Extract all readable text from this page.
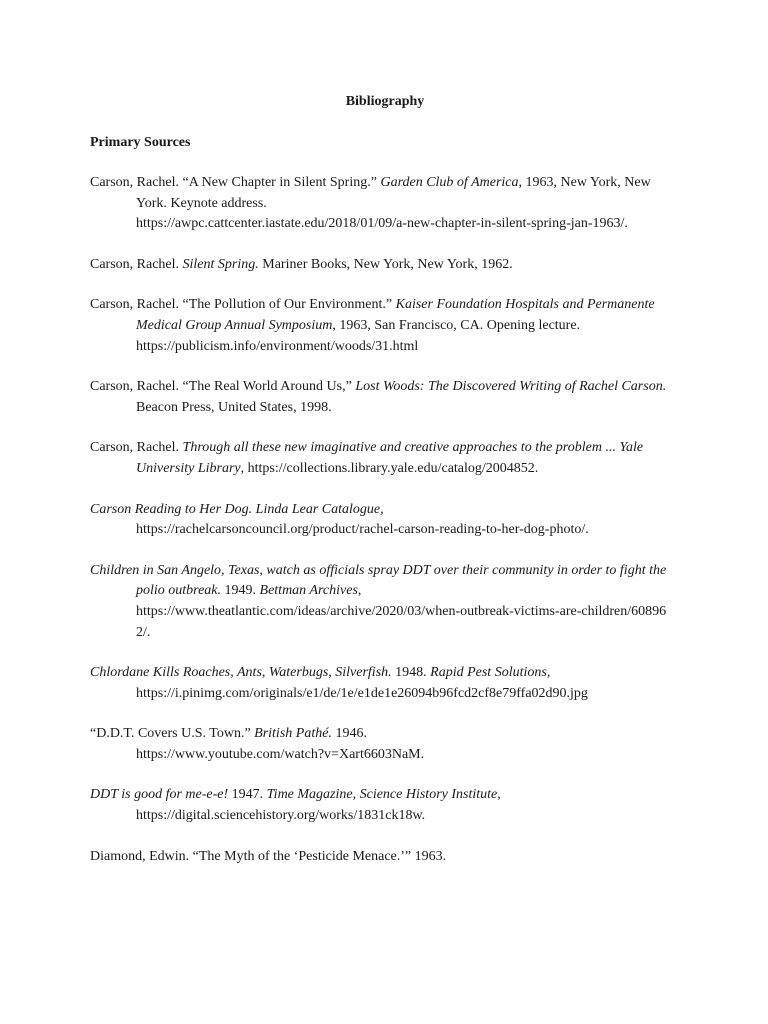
Bibliography
Primary Sources
Carson, Rachel. “A New Chapter in Silent Spring.” Garden Club of America, 1963, New York, New York. Keynote address.
https://awpc.cattcenter.iastate.edu/2018/01/09/a-new-chapter-in-silent-spring-jan-1963/.
Carson, Rachel. Silent Spring. Mariner Books, New York, New York, 1962.
Carson, Rachel. “The Pollution of Our Environment.” Kaiser Foundation Hospitals and Permanente Medical Group Annual Symposium, 1963, San Francisco, CA. Opening lecture.
https://publicism.info/environment/woods/31.html
Carson, Rachel. “The Real World Around Us,” Lost Woods: The Discovered Writing of Rachel Carson. Beacon Press, United States, 1998.
Carson, Rachel. Through all these new imaginative and creative approaches to the problem ... Yale University Library, https://collections.library.yale.edu/catalog/2004852.
Carson Reading to Her Dog. Linda Lear Catalogue,
https://rachelcarsoncouncil.org/product/rachel-carson-reading-to-her-dog-photo/.
Children in San Angelo, Texas, watch as officials spray DDT over their community in order to fight the polio outbreak. 1949. Bettman Archives,
https://www.theatlantic.com/ideas/archive/2020/03/when-outbreak-victims-are-children/608962/.
Chlordane Kills Roaches, Ants, Waterbugs, Silverfish. 1948. Rapid Pest Solutions,
https://i.pinimg.com/originals/e1/de/1e/e1de1e26094b96fcd2cf8e79ffa02d90.jpg
“D.D.T. Covers U.S. Town.” British Pathé. 1946.
https://www.youtube.com/watch?v=Xart6603NaM.
DDT is good for me-e-e! 1947. Time Magazine, Science History Institute,
https://digital.sciencehistory.org/works/1831ck18w.
Diamond, Edwin. “The Myth of the ‘Pesticide Menace.’” 1963.
